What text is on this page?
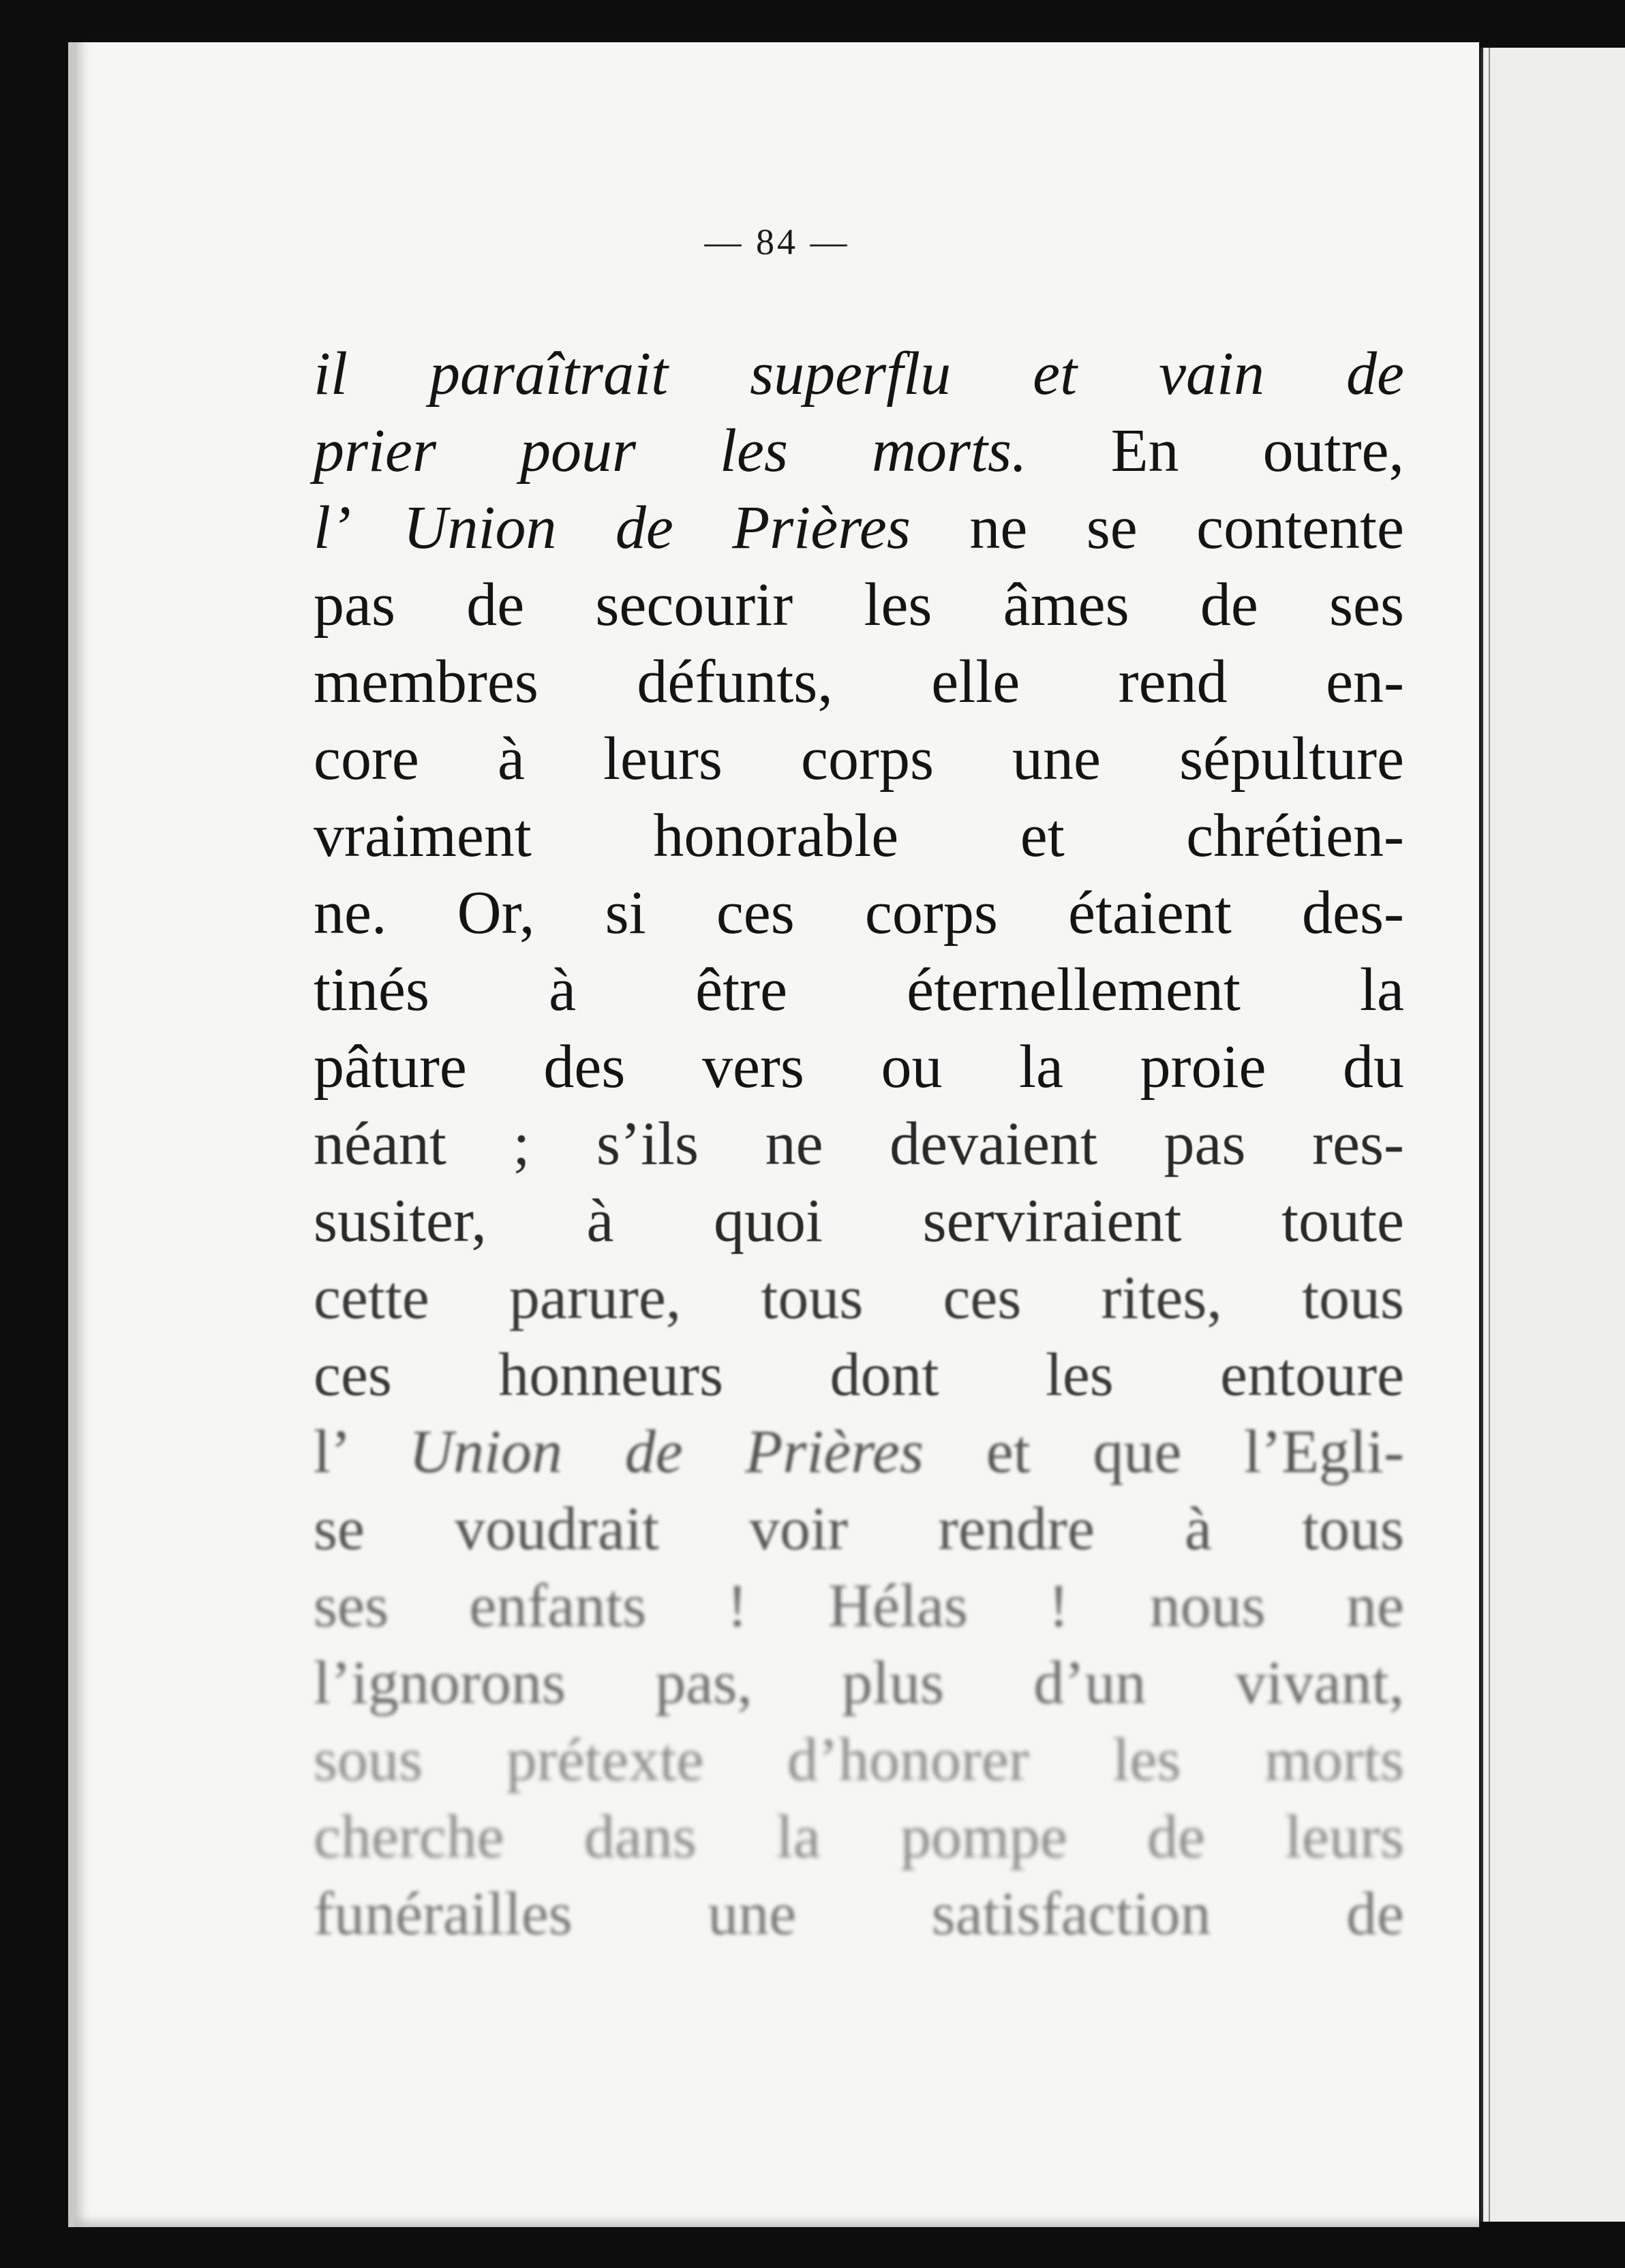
— 84 —
il paraîtrait superflu et vain de
prier pour les morts. En outre,
l’ Union de Prières ne se contente
pas de secourir les âmes de ses
membres défunts, elle rend en-
core à leurs corps une sépulture
vraiment honorable et chrétien-
ne. Or, si ces corps étaient des-
tinés à être éternellement la
pâture des vers ou la proie du
néant ; s’ils ne devaient pas res-
susiter, à quoi serviraient toute
cette parure, tous ces rites, tous
ces honneurs dont les entoure
l’ Union de Prières et que l’Egli-
se voudrait voir rendre à tous
ses enfants ! Hélas ! nous ne
l’ignorons pas, plus d’un vivant,
sous prétexte d’honorer les morts
cherche dans la pompe de leurs
funérailles une satisfaction de
